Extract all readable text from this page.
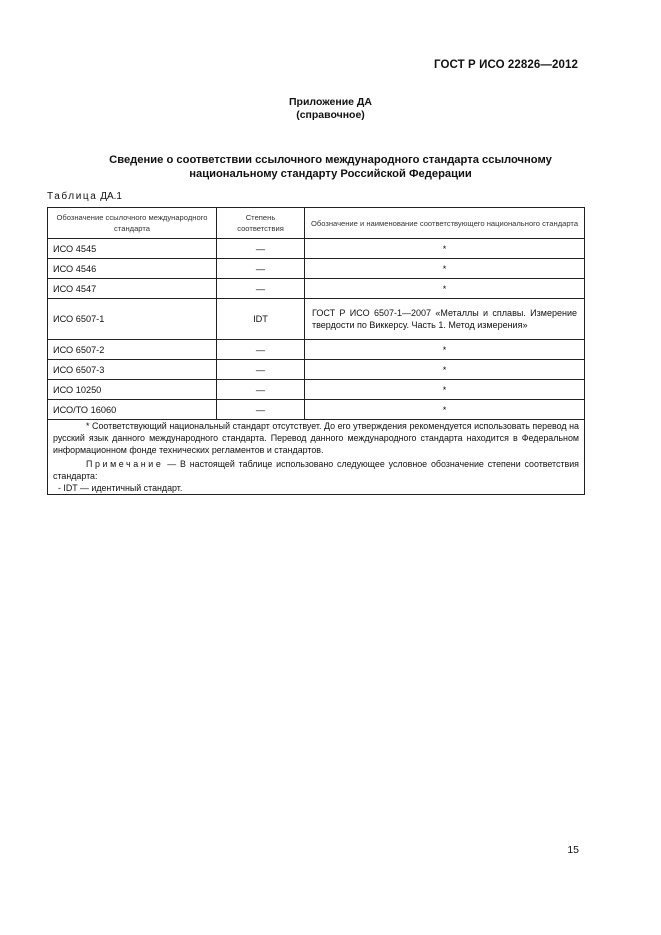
ГОСТ Р ИСО 22826—2012
Приложение ДА
(справочное)
Сведение о соответствии ссылочного международного стандарта ссылочному
национальному стандарту Российской Федерации
Таблица ДА.1
Обозначение ссылочного международного стандарта	Степень соответствия	Обозначение и наименование соответствующего национального стандарта
ИСО 4545	—	*
ИСО 4546	—	*
ИСО 4547	—	*
ИСО 6507-1	IDT	ГОСТ Р ИСО 6507-1—2007 «Металлы и сплавы. Измерение твердости по Виккерсу. Часть 1. Метод измерения»
ИСО 6507-2	—	*
ИСО 6507-3	—	*
ИСО 10250	—	*
ИСО/ТО 16060	—	*

* Соответствующий национальный стандарт отсутствует. До его утверждения рекомендуется использовать перевод на русский язык данного международного стандарта. Перевод данного международного стандарта находится в Федеральном информационном фонде технических регламентов и стандартов.
Примечание — В настоящей таблице использовано следующее условное обозначение степени соответствия стандарта:
- IDT — идентичный стандарт.		
15
